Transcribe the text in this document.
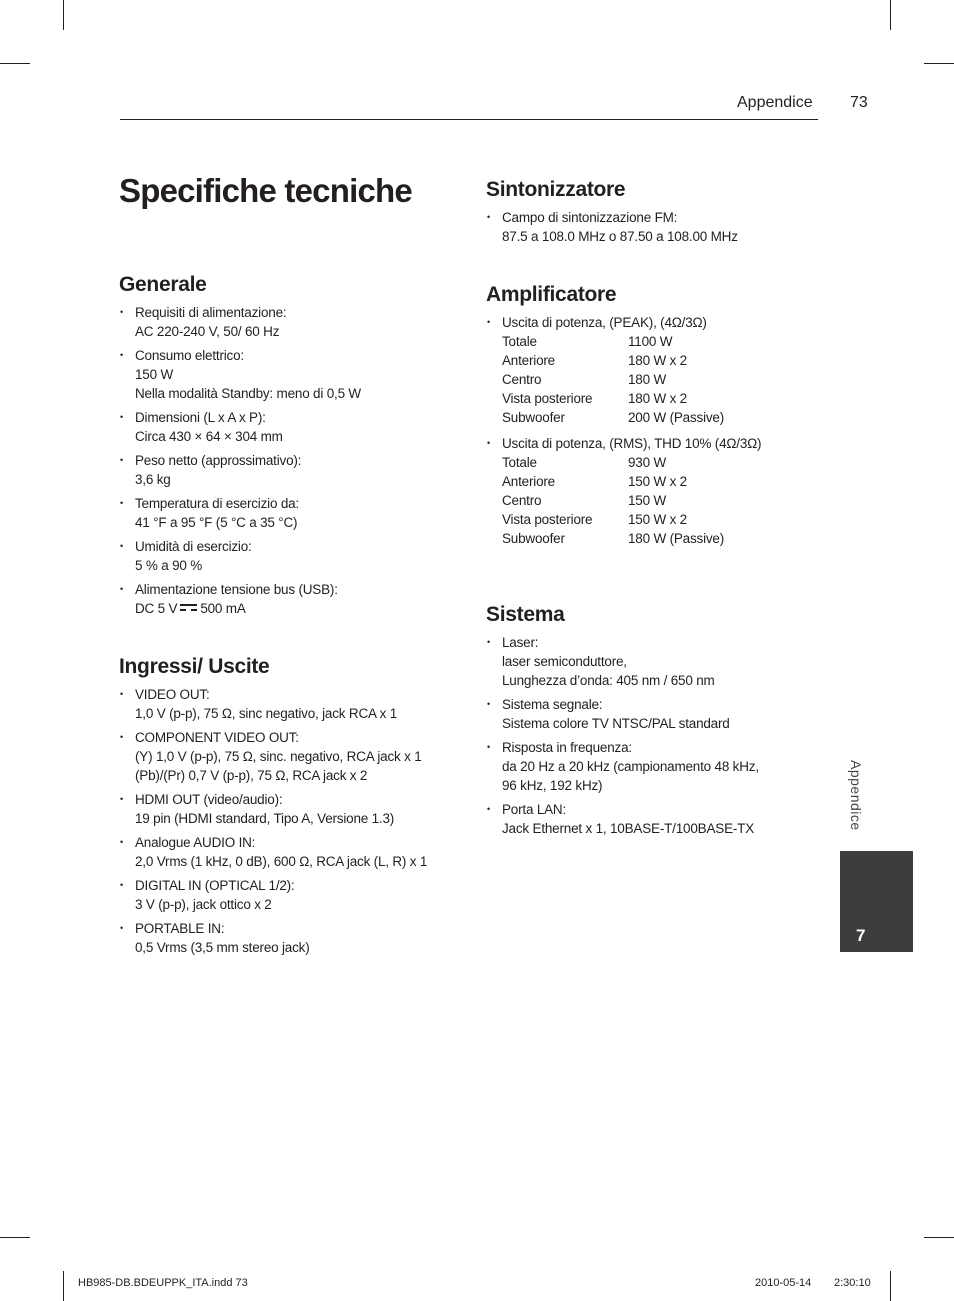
Appendice 73
Specifiche tecniche
Generale
• Requisiti di alimentazione:
AC 220-240 V, 50/ 60 Hz
• Consumo elettrico:
150 W
Nella modalità Standby: meno di 0,5 W
• Dimensioni (L x A x P):
Circa 430 × 64 × 304 mm
• Peso netto (approssimativo):
3,6 kg
• Temperatura di esercizio da:
41 °F a 95 °F (5 °C a 35 °C)
• Umidità di esercizio:
5 % a 90 %
• Alimentazione tensione bus (USB):
DC 5 V 500 mA
Ingressi/ Uscite
• VIDEO OUT:
1,0 V (p-p), 75 Ω, sinc negativo, jack RCA x 1
• COMPONENT VIDEO OUT:
(Y) 1,0 V (p-p), 75 Ω, sinc. negativo, RCA jack x 1
(Pb)/(Pr) 0,7 V (p-p), 75 Ω, RCA jack x 2
• HDMI OUT (video/audio):
19 pin (HDMI standard, Tipo A, Versione 1.3)
• Analogue AUDIO IN:
2,0 Vrms (1 kHz, 0 dB), 600 Ω, RCA jack (L, R) x 1
• DIGITAL IN (OPTICAL 1/2):
3 V (p-p), jack ottico x 2
• PORTABLE IN:
0,5 Vrms (3,5 mm stereo jack)
Sintonizzatore
• Campo di sintonizzazione FM:
87.5 a 108.0 MHz o 87.50 a 108.00 MHz
Amplificatore
• Uscita di potenza, (PEAK), (4Ω/3Ω)
Totale	1100 W
Anteriore	180 W x 2
Centro	180 W
Vista posteriore	180 W x 2
Subwoofer	200 W (Passive)
• Uscita di potenza, (RMS), THD 10% (4Ω/3Ω)
Totale	930 W
Anteriore	150 W x 2
Centro	150 W
Vista posteriore	150 W x 2
Subwoofer	180 W (Passive)
Sistema
• Laser:
laser semiconduttore,
Lunghezza d’onda: 405 nm / 650 nm
• Sistema segnale:
Sistema colore TV NTSC/PAL standard
• Risposta in frequenza:
da 20 Hz a 20 kHz (campionamento 48 kHz,
96 kHz, 192 kHz)
• Porta LAN:
Jack Ethernet x 1, 10BASE-T/100BASE-TX	Appendice
7
HB985-DB.BDEUPPK_ITA.indd 73	2010-05-14 2:30:10
